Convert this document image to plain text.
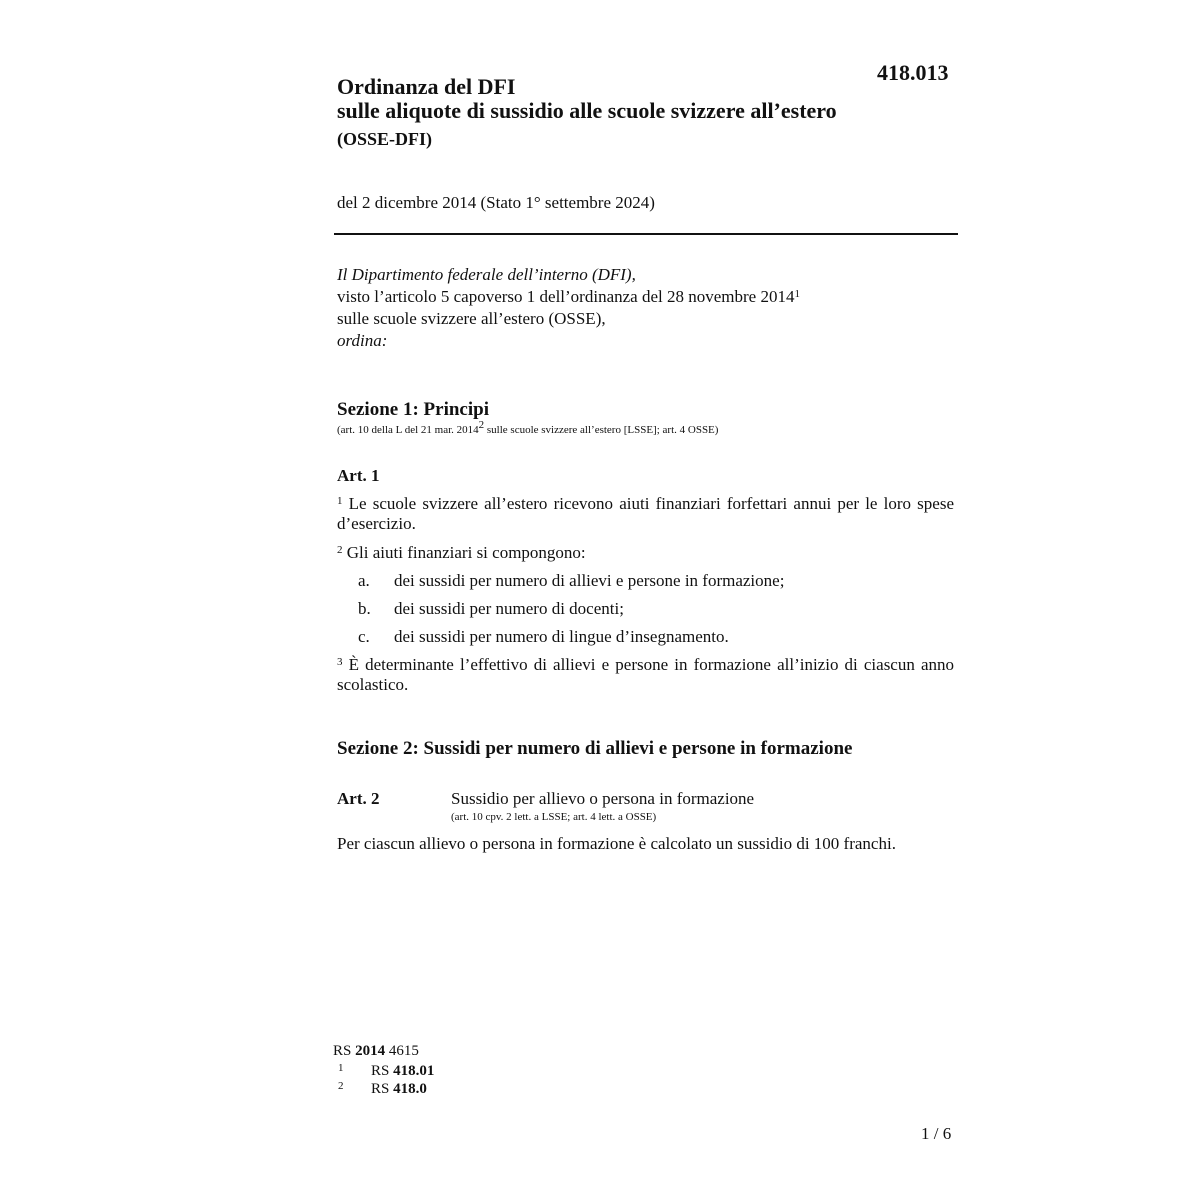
418.013
Ordinanza del DFI
sulle aliquote di sussidio alle scuole svizzere all’estero
(OSSE-DFI)
del 2 dicembre 2014 (Stato 1° settembre 2024)

Il Dipartimento federale dell’interno (DFI),

visto l’articolo 5 capoverso 1 dell’ordinanza del 28 novembre 2014$^1$

sulle scuole svizzere all’estero (OSSE),

ordina:

Sezione 1: Principi
(art. 10 della L del 21 mar. 2014$^2$ sulle scuole svizzere all’estero [LSSE]; art. 4 OSSE)
Art. 1
$^1$ Le scuole svizzere all’estero ricevono aiuti finanziari forfettari annui per le loro spese d’esercizio.
$^2$ Gli aiuti finanziari si compongono:
a. dei sussidi per numero di allievi e persone in formazione;
b. dei sussidi per numero di docenti;
c. dei sussidi per numero di lingue d’insegnamento.
$^3$ È determinante l’effettivo di allievi e persone in formazione all’inizio di ciascun anno scolastico.
Sezione 2: Sussidi per numero di allievi e persone in formazione
Art. 2	Sussidio per allievo o persona in formazione
(art. 10 cpv. 2 lett. a LSSE; art. 4 lett. a OSSE)
Per ciascun allievo o persona in formazione è calcolato un sussidio di 100 franchi.
RS 2014 4615
1 RS 418.01
2 RS 418.0
1 / 6
